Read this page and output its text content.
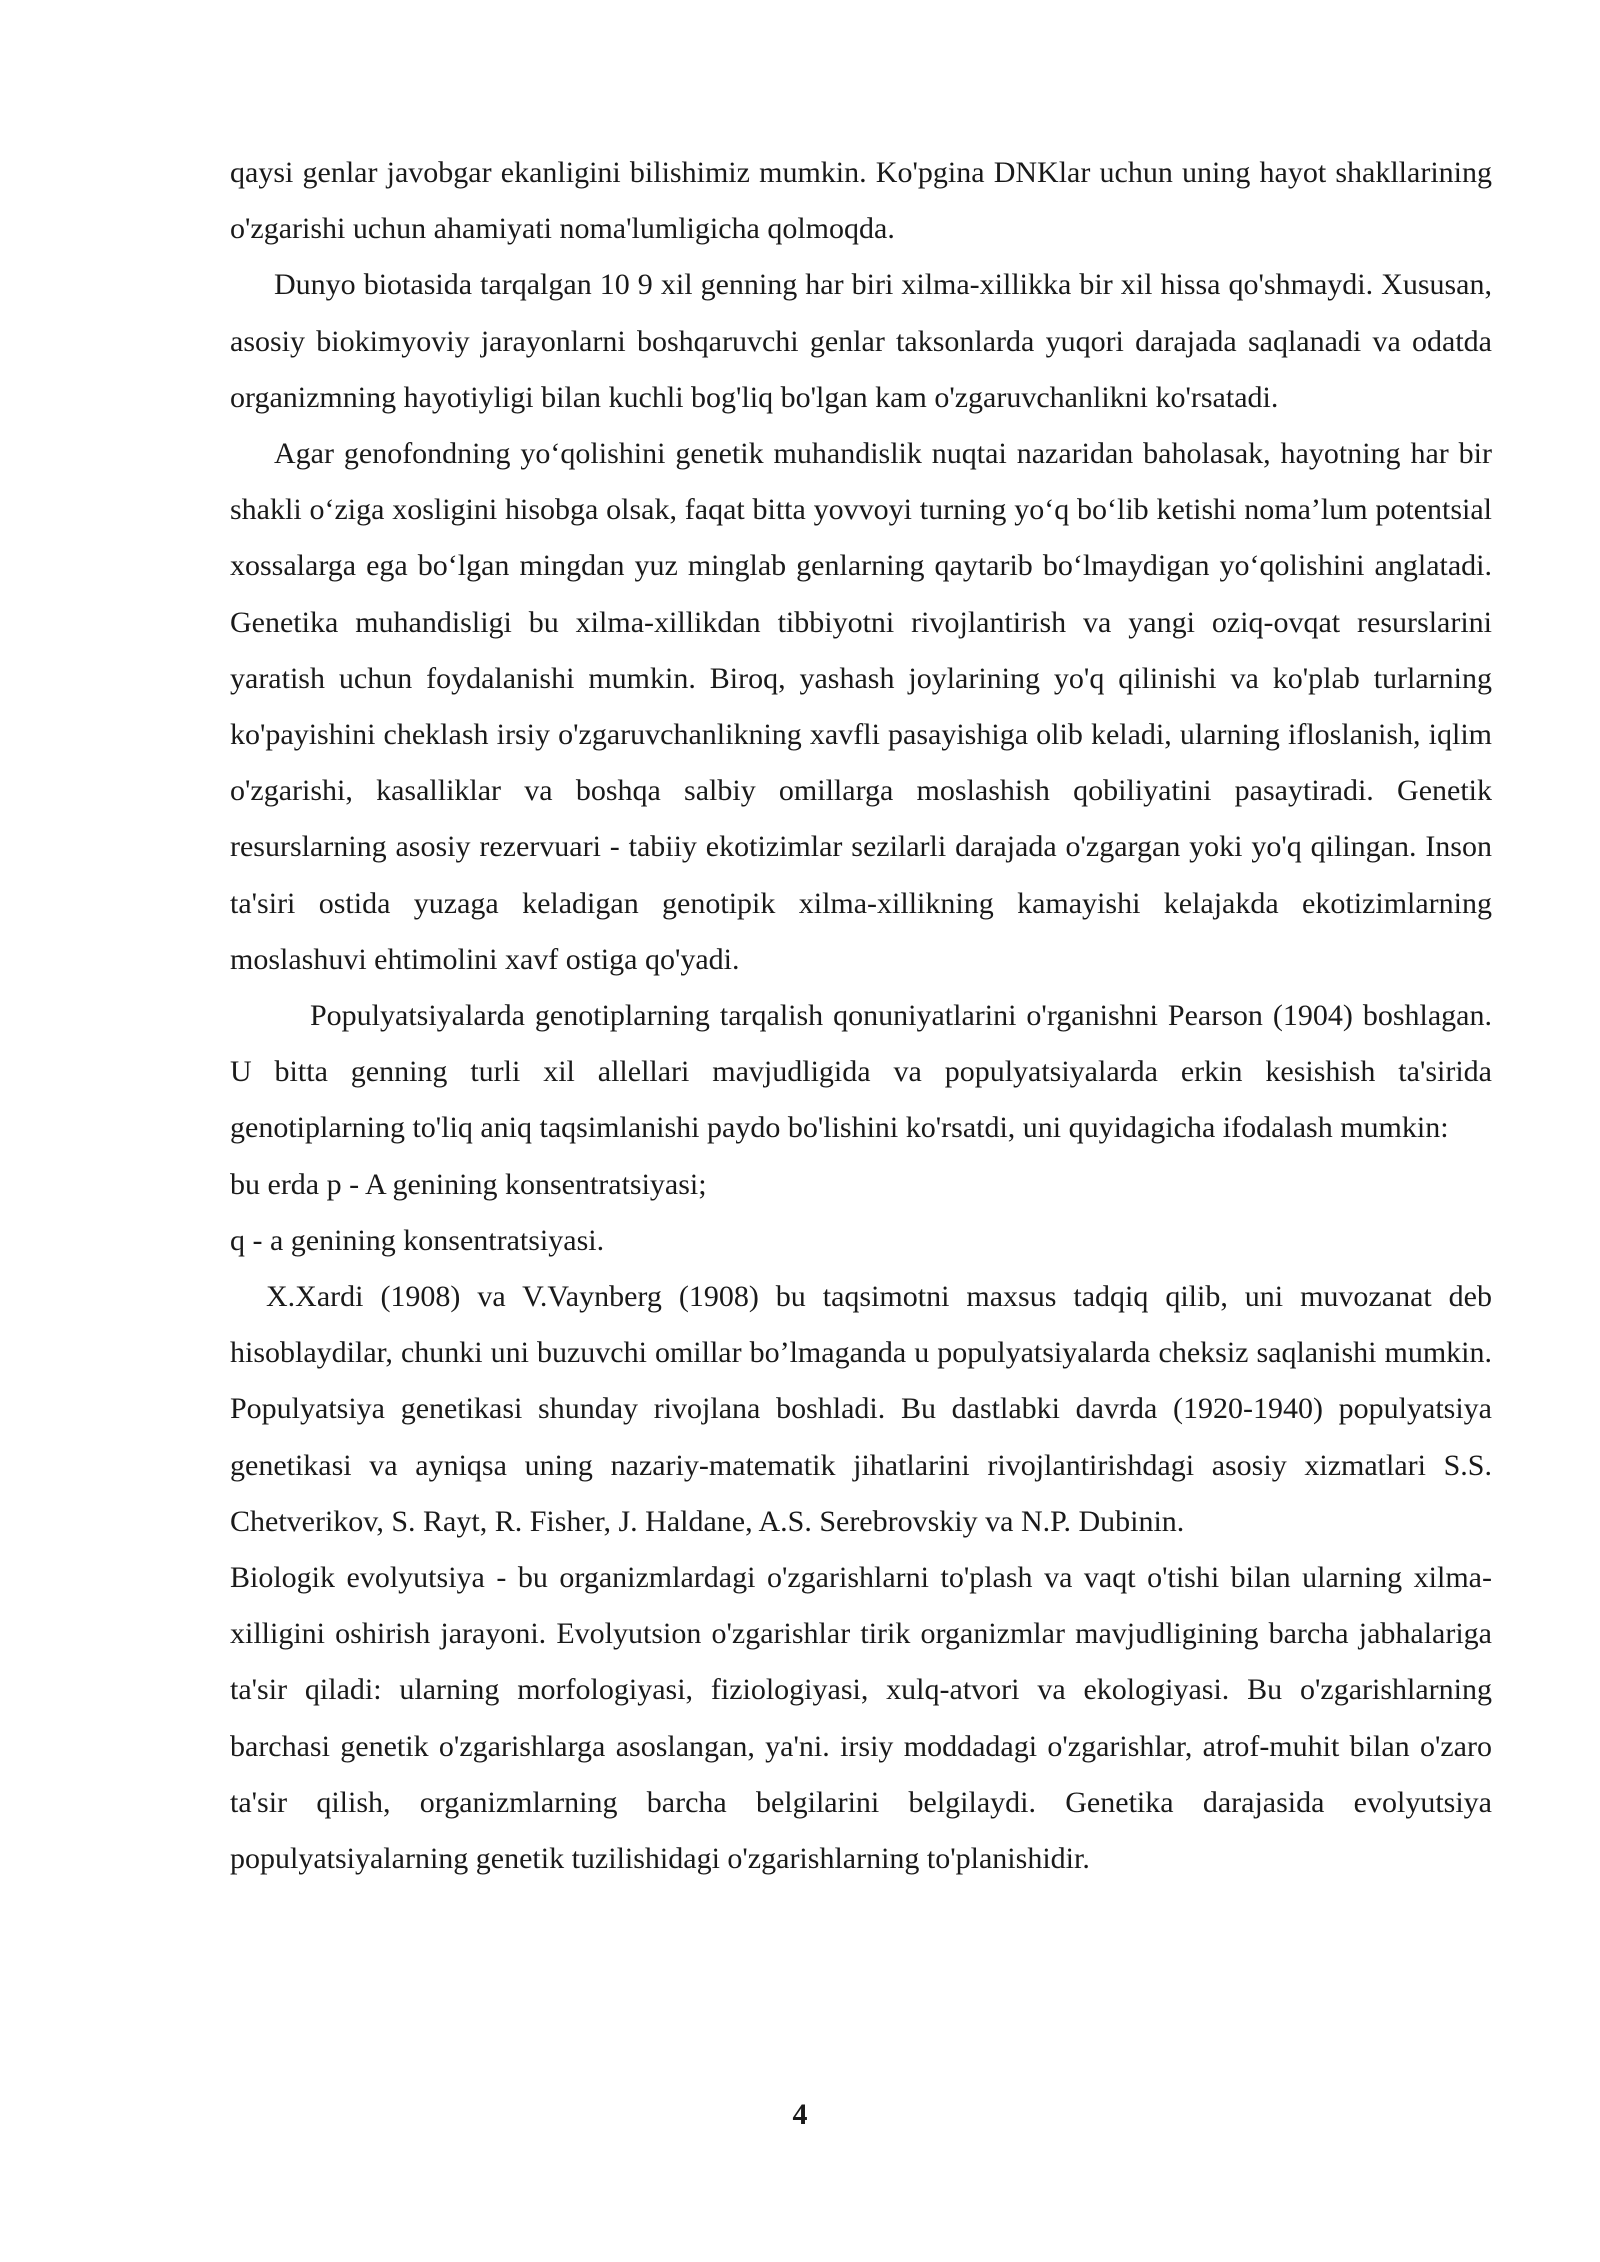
qaysi genlar javobgar ekanligini bilishimiz mumkin. Ko'pgina DNKlar uchun uning hayot shakllarining o'zgarishi uchun ahamiyati noma'lumligicha qolmoqda.

Dunyo biotasida tarqalgan 10 9 xil genning har biri xilma-xillikka bir xil hissa qo'shmaydi. Xususan, asosiy biokimyoviy jarayonlarni boshqaruvchi genlar taksonlarda yuqori darajada saqlanadi va odatda organizmning hayotiyligi bilan kuchli bog'liq bo'lgan kam o'zgaruvchanlikni ko'rsatadi.

Agar genofondning yo‘qolishini genetik muhandislik nuqtai nazaridan baholasak, hayotning har bir shakli o‘ziga xosligini hisobga olsak, faqat bitta yovvoyi turning yo‘q bo‘lib ketishi noma’lum potentsial xossalarga ega bo‘lgan mingdan yuz minglab genlarning qaytarib bo‘lmaydigan yo‘qolishini anglatadi. Genetika muhandisligi bu xilma-xillikdan tibbiyotni rivojlantirish va yangi oziq-ovqat resurslarini yaratish uchun foydalanishi mumkin. Biroq, yashash joylarining yo'q qilinishi va ko'plab turlarning ko'payishini cheklash irsiy o'zgaruvchanlikning xavfli pasayishiga olib keladi, ularning ifloslanish, iqlim o'zgarishi, kasalliklar va boshqa salbiy omillarga moslashish qobiliyatini pasaytiradi. Genetik resurslarning asosiy rezervuari - tabiiy ekotizimlar sezilarli darajada o'zgargan yoki yo'q qilingan. Inson ta'siri ostida yuzaga keladigan genotipik xilma-xillikning kamayishi kelajakda ekotizimlarning moslashuvi ehtimolini xavf ostiga qo'yadi.

Populyatsiyalarda genotiplarning tarqalish qonuniyatlarini o'rganishni Pearson (1904) boshlagan. U bitta genning turli xil allellari mavjudligida va populyatsiyalarda erkin kesishish ta'sirida genotiplarning to'liq aniq taqsimlanishi paydo bo'lishini ko'rsatdi, uni quyidagicha ifodalash mumkin:

bu erda p - A genining konsentratsiyasi;

q - a genining konsentratsiyasi.

X.Xardi (1908) va V.Vaynberg (1908) bu taqsimotni maxsus tadqiq qilib, uni muvozanat deb hisoblaydilar, chunki uni buzuvchi omillar bo’lmaganda u populyatsiyalarda cheksiz saqlanishi mumkin. Populyatsiya genetikasi shunday rivojlana boshladi. Bu dastlabki davrda (1920-1940) populyatsiya genetikasi va ayniqsa uning nazariy-matematik jihatlarini rivojlantirishdagi asosiy xizmatlari S.S. Chetverikov, S. Rayt, R. Fisher, J. Haldane, A.S. Serebrovskiy va N.P. Dubinin.

Biologik evolyutsiya - bu organizmlardagi o'zgarishlarni to'plash va vaqt o'tishi bilan ularning xilma-xilligini oshirish jarayoni. Evolyutsion o'zgarishlar tirik organizmlar mavjudligining barcha jabhalariga ta'sir qiladi: ularning morfologiyasi, fiziologiyasi, xulq-atvori va ekologiyasi. Bu o'zgarishlarning barchasi genetik o'zgarishlarga asoslangan, ya'ni. irsiy moddadagi o'zgarishlar, atrof-muhit bilan o'zaro ta'sir qilish, organizmlarning barcha belgilarini belgilaydi. Genetika darajasida evolyutsiya populyatsiyalarning genetik tuzilishidagi o'zgarishlarning to'planishidir.

4
